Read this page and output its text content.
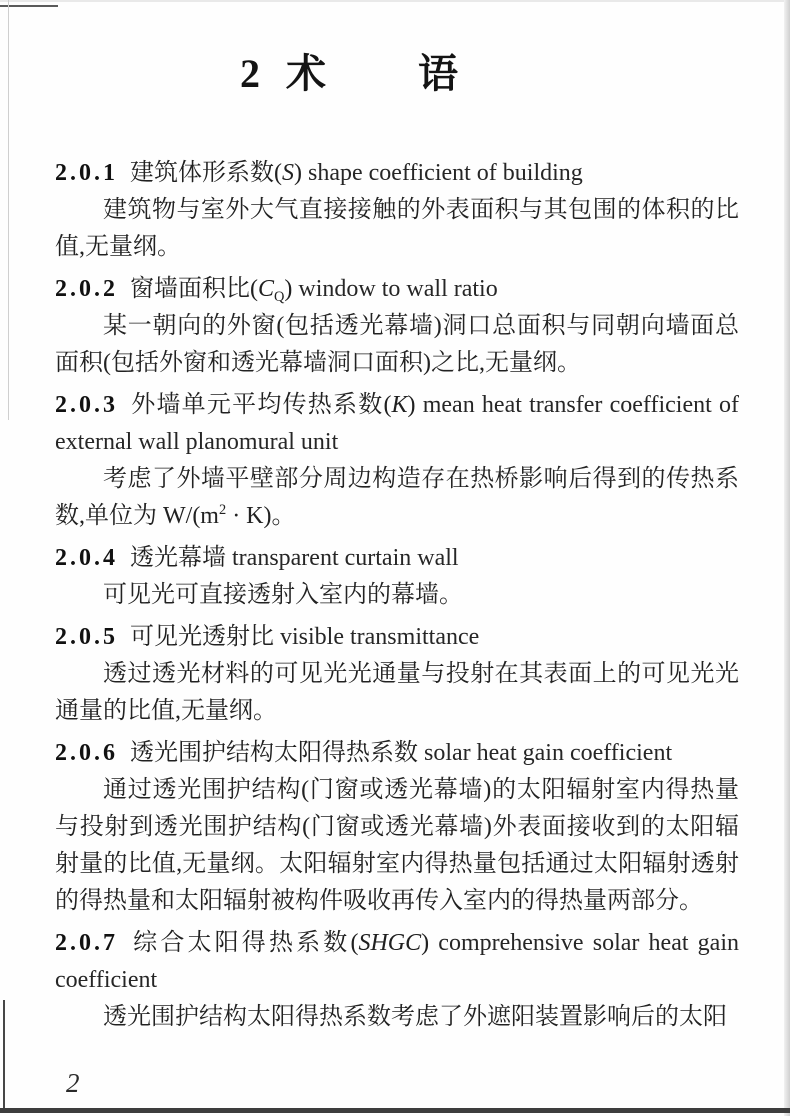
2 术 语

2.0.1 建筑体形系数(S) shape coefficient of building

建筑物与室外大气直接接触的外表面积与其包围的体积的比值,无量纲。

2.0.2 窗墙面积比$(C_Q)$ window to wall ratio

某一朝向的外窗(包括透光幕墙)洞口总面积与同朝向墙面总面积(包括外窗和透光幕墙洞口面积)之比,无量纲。

2.0.3 外墙单元平均传热系数(K) mean heat transfer coefficient of external wall planomural unit

考虑了外墙平壁部分周边构造存在热桥影响后得到的传热系数,单位为 $W/(m^2 \cdot K)$。

2.0.4 透光幕墙 transparent curtain wall

可见光可直接透射入室内的幕墙。

2.0.5 可见光透射比 visible transmittance

透过透光材料的可见光光通量与投射在其表面上的可见光光通量的比值,无量纲。

2.0.6 透光围护结构太阳得热系数 solar heat gain coefficient

通过透光围护结构(门窗或透光幕墙)的太阳辐射室内得热量与投射到透光围护结构(门窗或透光幕墙)外表面接收到的太阳辐射量的比值,无量纲。太阳辐射室内得热量包括通过太阳辐射透射的得热量和太阳辐射被构件吸收再传入室内的得热量两部分。

2.0.7 综合太阳得热系数(SHGC) comprehensive solar heat gain coefficient

透光围护结构太阳得热系数考虑了外遮阳装置影响后的太阳

2
